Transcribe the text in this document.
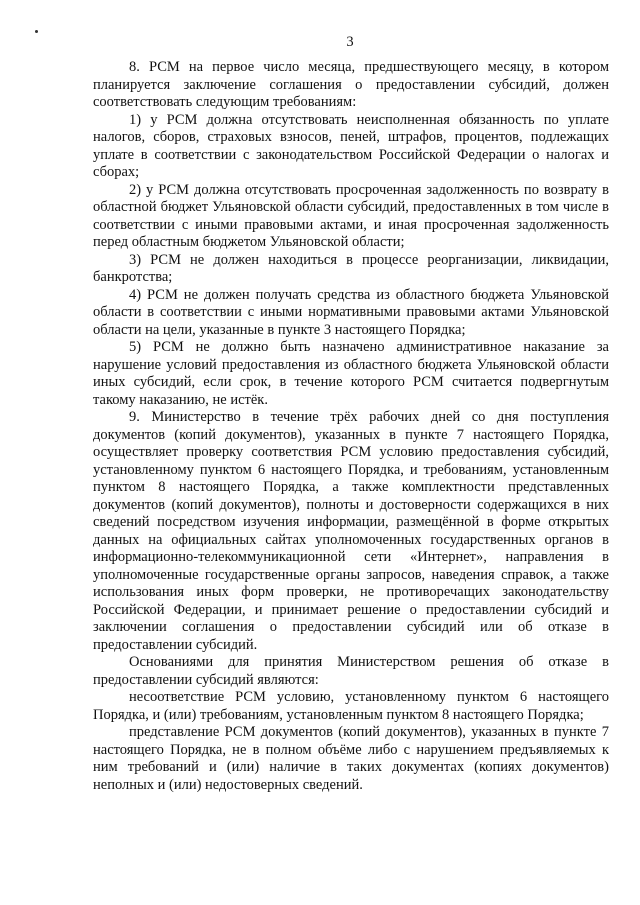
3

8. РСМ на первое число месяца, предшествующего месяцу, в котором планируется заключение соглашения о предоставлении субсидий, должен соответствовать следующим требованиям:

1) у РСМ должна отсутствовать неисполненная обязанность по уплате налогов, сборов, страховых взносов, пеней, штрафов, процентов, подлежащих уплате в соответствии с законодательством Российской Федерации о налогах и сборах;

2) у РСМ должна отсутствовать просроченная задолженность по возврату в областной бюджет Ульяновской области субсидий, предоставленных в том числе в соответствии с иными правовыми актами, и иная просроченная задолженность перед областным бюджетом Ульяновской области;

3) РСМ не должен находиться в процессе реорганизации, ликвидации, банкротства;

4) РСМ не должен получать средства из областного бюджета Ульяновской области в соответствии с иными нормативными правовыми актами Ульяновской области на цели, указанные в пункте 3 настоящего Порядка;

5) РСМ не должно быть назначено административное наказание за нарушение условий предоставления из областного бюджета Ульяновской области иных субсидий, если срок, в течение которого РСМ считается подвергнутым такому наказанию, не истёк.

9. Министерство в течение трёх рабочих дней со дня поступления документов (копий документов), указанных в пункте 7 настоящего Порядка, осуществляет проверку соответствия РСМ условию предоставления субсидий, установленному пунктом 6 настоящего Порядка, и требованиям, установленным пунктом 8 настоящего Порядка, а также комплектности представленных документов (копий документов), полноты и достоверности содержащихся в них сведений посредством изучения информации, размещённой в форме открытых данных на официальных сайтах уполномоченных государственных органов в информационно-телекоммуникационной сети «Интернет», направления в уполномоченные государственные органы запросов, наведения справок, а также использования иных форм проверки, не противоречащих законодательству Российской Федерации, и принимает решение о предоставлении субсидий и заключении соглашения о предоставлении субсидий или об отказе в предоставлении субсидий.

Основаниями для принятия Министерством решения об отказе в предоставлении субсидий являются:

несоответствие РСМ условию, установленному пунктом 6 настоящего Порядка, и (или) требованиям, установленным пунктом 8 настоящего Порядка;

представление РСМ документов (копий документов), указанных в пункте 7 настоящего Порядка, не в полном объёме либо с нарушением предъявляемых к ним требований и (или) наличие в таких документах (копиях документов) неполных и (или) недостоверных сведений.
